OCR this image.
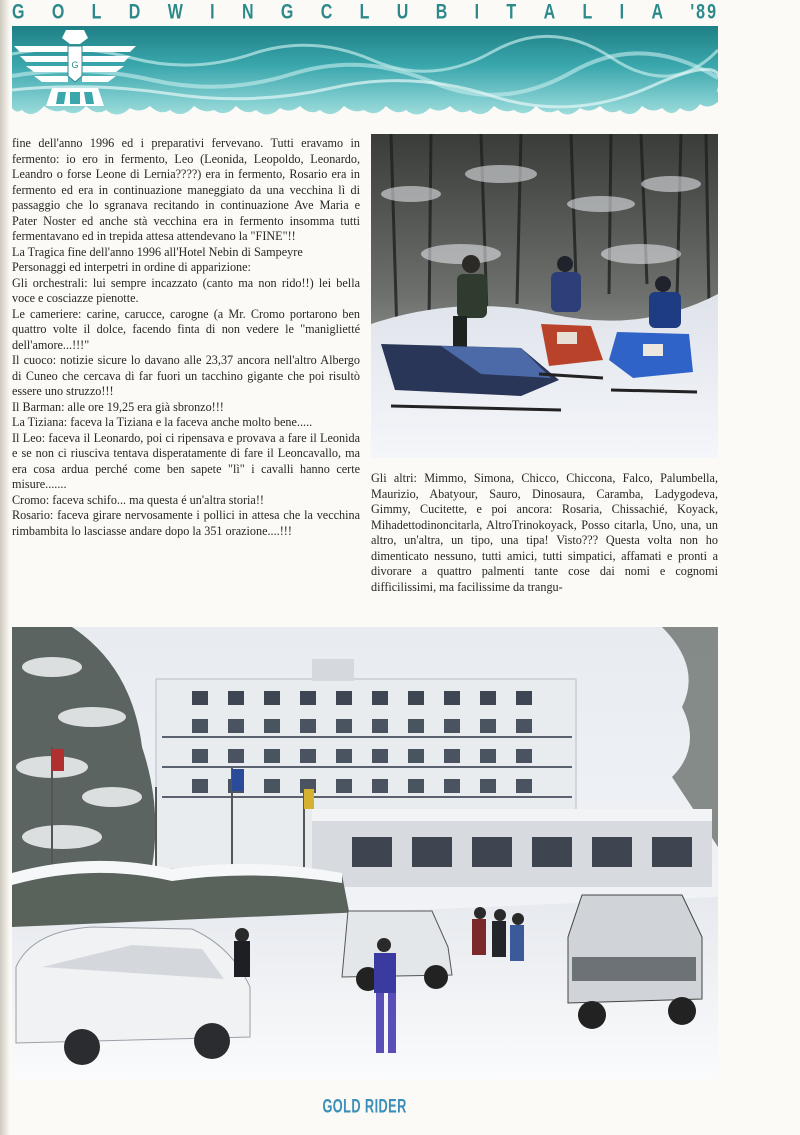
G O L D W I N G C L U B I T A L I A '89
G

fine dell'anno 1996 ed i preparativi fervevano. Tutti eravamo in fermento: io ero in fermento, Leo (Leonida, Leopoldo, Leonardo, Leandro o forse Leone di Lernia????) era in fermento, Rosario era in fermento ed era in continuazione maneggiato da una vecchina lì di passaggio che lo sgranava recitando in continuazione Ave Maria e Pater Noster ed anche stà vecchina era in fermento insomma tutti fermentavano ed in trepida attesa attendevano la "FINE"!!

La Tragica fine dell'anno 1996 all'Hotel Nebin di Sampeyre

Personaggi ed interpetri in ordine di apparizione:

Gli orchestrali: lui sempre incazzato (canto ma non rido!!) lei bella voce e cosciazze pienotte.

Le cameriere: carine, carucce, carogne (a Mr. Cromo portarono ben quattro volte il dolce, facendo finta di non vedere le "maniglietté dell'amore...!!!"

Il cuoco: notizie sicure lo davano alle 23,37 ancora nell'altro Albergo di Cuneo che cercava di far fuori un tacchino gigante che poi risultò essere uno struzzo!!!

Il Barman: alle ore 19,25 era già sbronzo!!!

La Tiziana: faceva la Tiziana e la faceva anche molto bene.....

Il Leo: faceva il Leonardo, poi ci ripensava e provava a fare il Leonida e se non ci riusciva tentava disperatamente di fare il Leoncavallo, ma era cosa ardua perché come ben sapete "lì" i cavalli hanno certe misure.......

Cromo: faceva schifo... ma questa é un'altra storia!!

Rosario: faceva girare nervosamente i pollici in attesa che la vecchina rimbambita lo lasciasse andare dopo la 351 orazione....!!!

Gli altri: Mimmo, Simona, Chicco, Chiccona, Falco, Palumbella, Maurizio, Abatyour, Sauro, Dinosaura, Caramba, Ladygodeva, Gimmy, Cucitette, e poi ancora: Rosaria, Chissachié, Koyack, Mihadettodinoncitarla, AltroTrinokoyack, Posso citarla, Uno, una, un altro, un'altra, un tipo, una tipa! Visto??? Questa volta non ho dimenticato nessuno, tutti amici, tutti simpatici, affamati e pronti a divorare a quattro palmenti tante cose dai nomi e cognomi difficilissimi, ma facilissime da trangu-

GOLD RIDER
